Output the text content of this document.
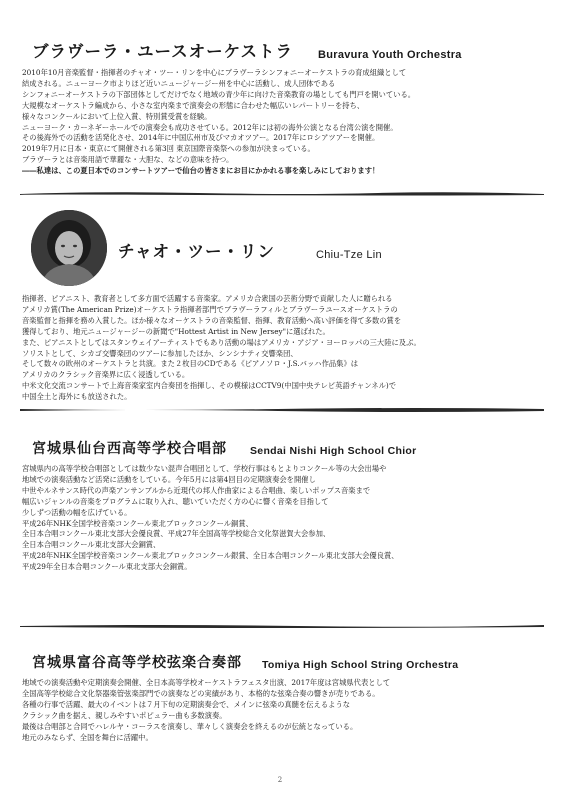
ブラヴーラ・ユースオーケストラ Buravura Youth Orchestra
2010年10月音楽監督・指揮者のチャオ・ツー・リンを中心にブラヴーラシンフォニーオーケストラの育成組織として
結成される。ニューヨーク市よりほど近いニュージャージー州を中心に活動し、成人団体である
シンフォニーオーケストラの下部団体としてだけでなく地域の青少年に向けた音楽教育の場としても門戸を開いている。
大規模なオーケストラ編成から、小さな室内楽まで演奏会の形態に合わせた幅広いレパートリーを持ち、
様々なコンクールにおいて上位入賞、特別賞受賞を経験。
ニューヨーク・カーネギーホールでの演奏会も成功させている。2012年には初の海外公演となる台湾公演を開催。
その後海外での活動を活発化させ、2014年に中国広州市及びマカオツアー。2017年にロシアツアーを開催。
2019年7月に日本・東京にて開催される第3回 東京国際音楽祭への参加が決まっている。
ブラヴーラとは音楽用語で華麗な・大胆な、などの意味を持つ。
――私達は、この夏日本でのコンサートツアーで仙台の皆さまにお目にかかれる事を楽しみにしております！
チャオ・ツー・リン	Chiu-Tze Lin
指揮者、ピアニスト、教育者として多方面で活躍する音楽家。アメリカ合衆国の芸術分野で貢献した人に贈られる
アメリカ賞(The American Prize)オーケストラ指揮者部門でブラヴーラフィルとブラヴーラユースオーケストラの
音楽監督と指揮を務め入賞した。ほか様々なオーケストラの音楽監督、指揮、教育活動へ高い評価を得て多数の賞を
獲得しており、地元ニュージャージーの新聞で"Hottest Artist in New Jersey"に選ばれた。
また、ピアニストとしてはスタンウェイアーティストでもあり活動の場はアメリカ・アジア・ヨーロッパの三大陸に及ぶ。
ソリストとして、シカゴ交響楽団のツアーに参加したほか、シンシナティ交響楽団、
そして数々の欧州のオーケストラと共演。また２枚目のCDである《ピアノソロ・J.S.バッハ作品集》は
アメリカのクラシック音楽界に広く浸透している。
中米文化交流コンサートで上海音楽家室内合奏団を指揮し、その模様はCCTV9(中国中央テレビ英語チャンネル)で
中国全土と海外にも放送された。
宮城県仙台西高等学校合唱部 Sendai Nishi High School Chior
宮城県内の高等学校合唱部としては数少ない混声合唱団として、学校行事はもとよりコンクール等の大会出場や
地域での演奏活動など活発に活動をしている。今年5月には第4回目の定期演奏会を開催し
中世やルネサンス時代の声楽アンサンブルから近現代の邦人作曲家による合唱曲、楽しいポップス音楽まで
幅広いジャンルの音楽をプログラムに取り入れ、聴いていただく方の心に響く音楽を目指して
少しずつ活動の幅を広げている。
平成26年NHK全国学校音楽コンクール東北ブロックコンクール銅賞、
全日本合唱コンクール東北支部大会優良賞、平成27年全国高等学校総合文化祭滋賀大会参加、
全日本合唱コンクール東北支部大会銅賞、
平成28年NHK全国学校音楽コンクール東北ブロックコンクール銀賞、全日本合唱コンクール東北支部大会優良賞、
平成29年全日本合唱コンクール東北支部大会銅賞。
宮城県富谷高等学校弦楽合奏部 Tomiya High School String Orchestra
地域での演奏活動や定期演奏会開催、全日本高等学校オーケストラフェスタ出演、2017年度は宮城県代表として
全国高等学校総合文化祭器楽管弦楽部門での演奏などの実績があり、本格的な弦楽合奏の響きが売りである。
各種の行事で活躍、最大のイベントは７月下旬の定期演奏会で、メインに弦楽の真髄を伝えるような
クラシック曲を据え、親しみやすいポピュラー曲も多数演奏。
最後は合唱部と合同でハレルヤ・コーラスを演奏し、華々しく演奏会を終えるのが伝統となっている。
地元のみならず、全国を舞台に活躍中。
2
